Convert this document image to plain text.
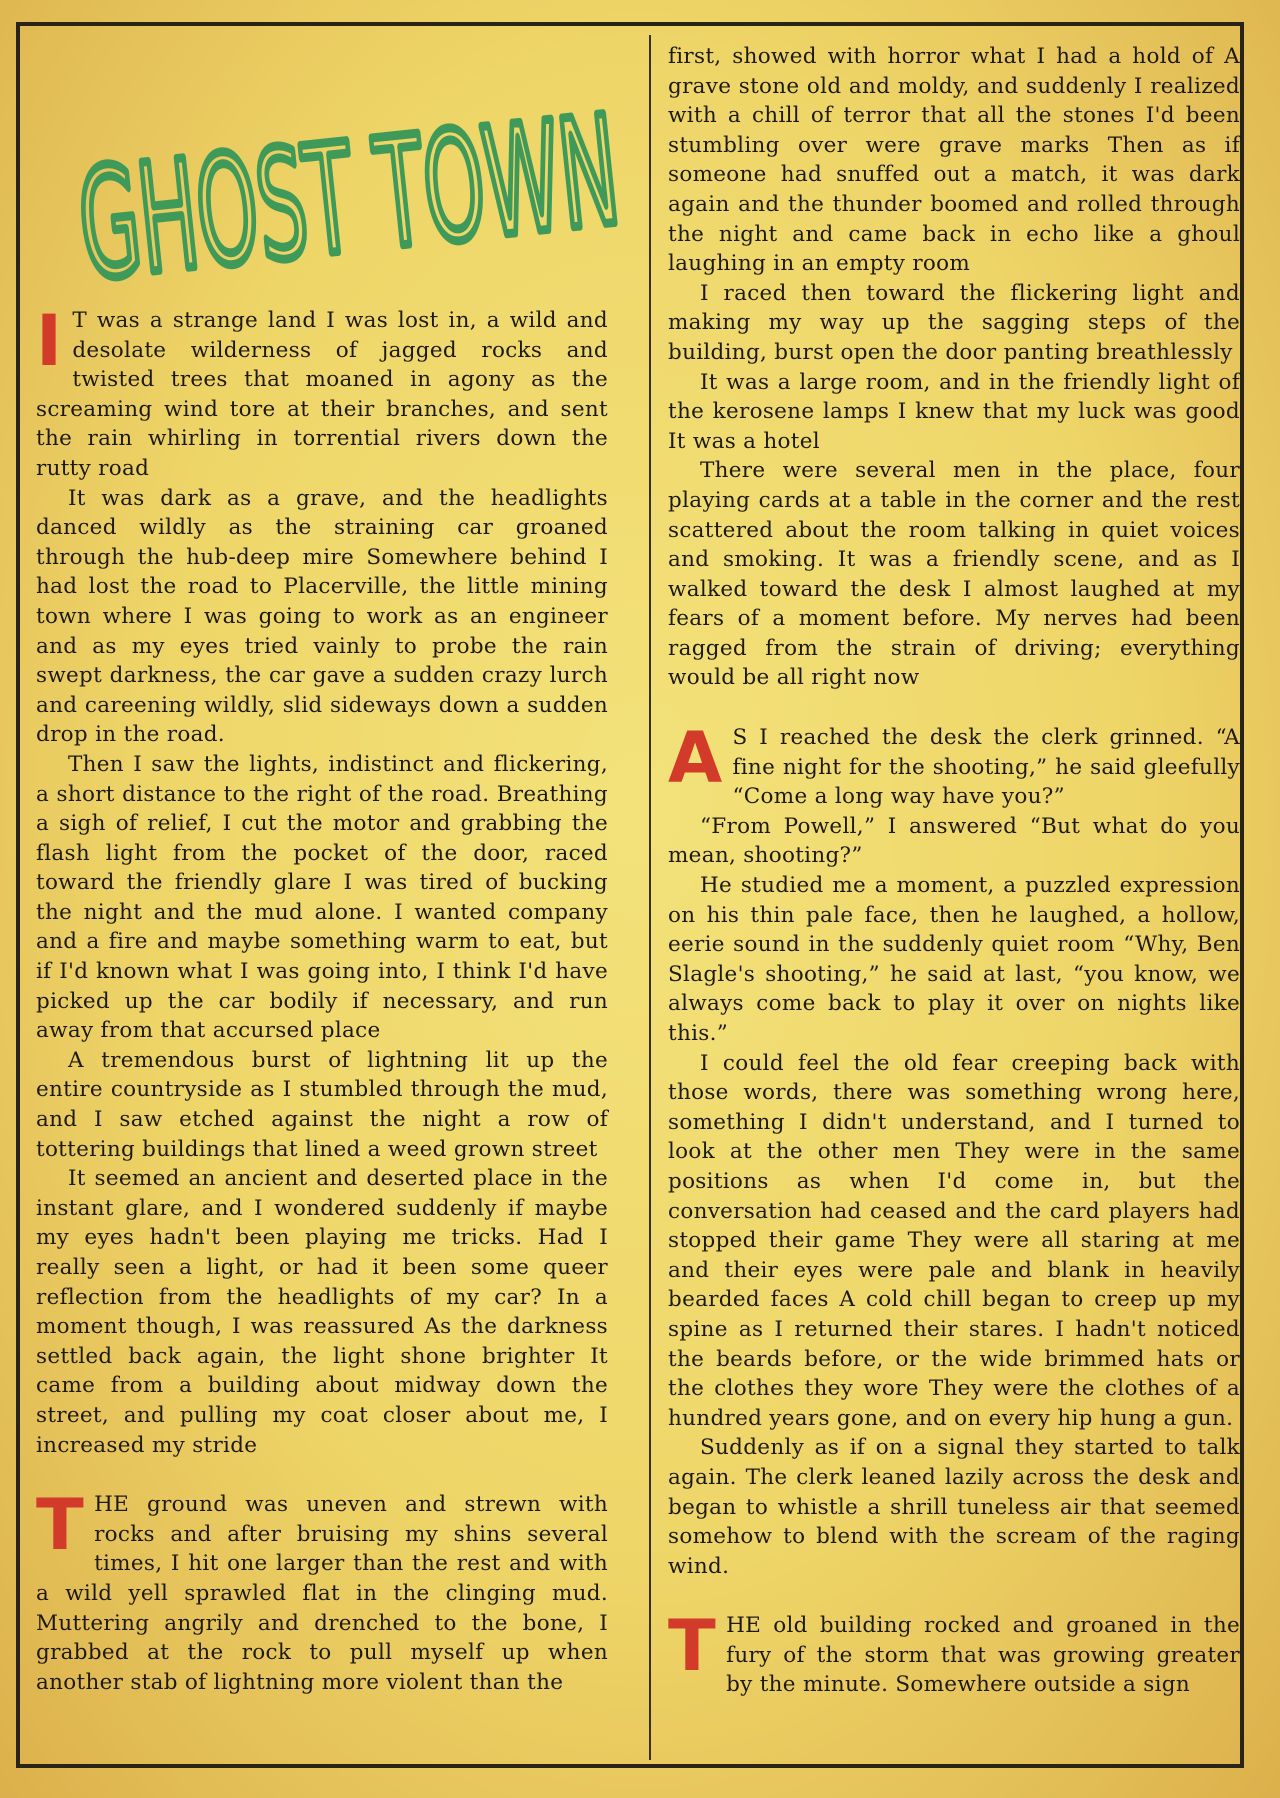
GHOST

I T was a strange land I was lost in, a wild and desolate wilderness of jagged rocks and twisted trees that moaned in agony as the screaming wind tore at their branches, and sent the rain whirling in torrential rivers down the rutty road

It was dark as a grave, and the headlights danced wildly as the straining car groaned through the hub-deep mire Somewhere behind I had lost the road to Placerville, the little mining town where I was going to work as an engineer and as my eyes tried vainly to probe the rain swept darkness, the car gave a sudden crazy lurch and careening wildly, slid sideways down a sudden drop in the road.

Then I saw the lights, indistinct and flickering, a short distance to the right of the road. Breathing a sigh of relief, I cut the motor and grabbing the flash light from the pocket of the door, raced toward the friendly glare I was tired of bucking the night and the mud alone. I wanted company and a fire and maybe something warm to eat, but if I'd known what I was going into, I think I'd have picked up the car bodily if necessary, and run away from that accursed place

A tremendous burst of lightning lit up the entire countryside as I stumbled through the mud, and I saw etched against the night a row of tottering buildings that lined a weed grown street

It seemed an ancient and deserted place in the instant glare, and I wondered suddenly if maybe my eyes hadn't been playing me tricks. Had I really seen a light, or had it been some queer reflection from the headlights of my car? In a moment though, I was reassured As the darkness settled back again, the light shone brighter It came from a building about midway down the street, and pulling my coat closer about me, I increased my stride

THE ground was uneven and strewn with rocks and after bruising my shins several times, I hit one larger than the rest and with a wild yell sprawled flat in the clinging mud. Muttering angrily and drenched to the bone, I grabbed at the rock to pull myself up when another stab of lightning more violent than the

first, showed with horror what I had a hold of A grave stone old and moldy, and suddenly I realized with a chill of terror that all the stones I'd been stumbling over were grave marks Then as if someone had snuffed out a match, it was dark again and the thunder boomed and rolled through the night and came back in echo like a ghoul laughing in an empty room

I raced then toward the flickering light and making my way up the sagging steps of the building, burst open the door panting breathlessly

It was a large room, and in the friendly light of the kerosene lamps I knew that my luck was good It was a hotel

There were several men in the place, four playing cards at a table in the corner and the rest scattered about the room talking in quiet voices and smoking. It was a friendly scene, and as I walked toward the desk I almost laughed at my fears of a moment before. My nerves had been ragged from the strain of driving; everything would be all right now

A S I reached the desk the clerk grinned. “A fine night for the shooting,” he said gleefully “Come a long way have you?”

“From Powell,” I answered “But what do you mean, shooting?”

He studied me a moment, a puzzled expression on his thin pale face, then he laughed, a hollow, eerie sound in the suddenly quiet room “Why, Ben Slagle's shooting,” he said at last, “you know, we always come back to play it over on nights like this.”

I could feel the old fear creeping back with those words, there was something wrong here, something I didn't understand, and I turned to look at the other men They were in the same positions as when I'd come in, but the conversation had ceased and the card players had stopped their game They were all staring at me and their eyes were pale and blank in heavily bearded faces A cold chill began to creep up my spine as I returned their stares. I hadn't noticed the beards before, or the wide brimmed hats or the clothes they wore They were the clothes of a hundred years gone, and on every hip hung a gun.

Suddenly as if on a signal they started to talk again. The clerk leaned lazily across the desk and began to whistle a shrill tuneless air that seemed somehow to blend with the scream of the raging wind.

THE old building rocked and groaned in the fury of the storm that was growing greater by the minute. Somewhere outside a sign
